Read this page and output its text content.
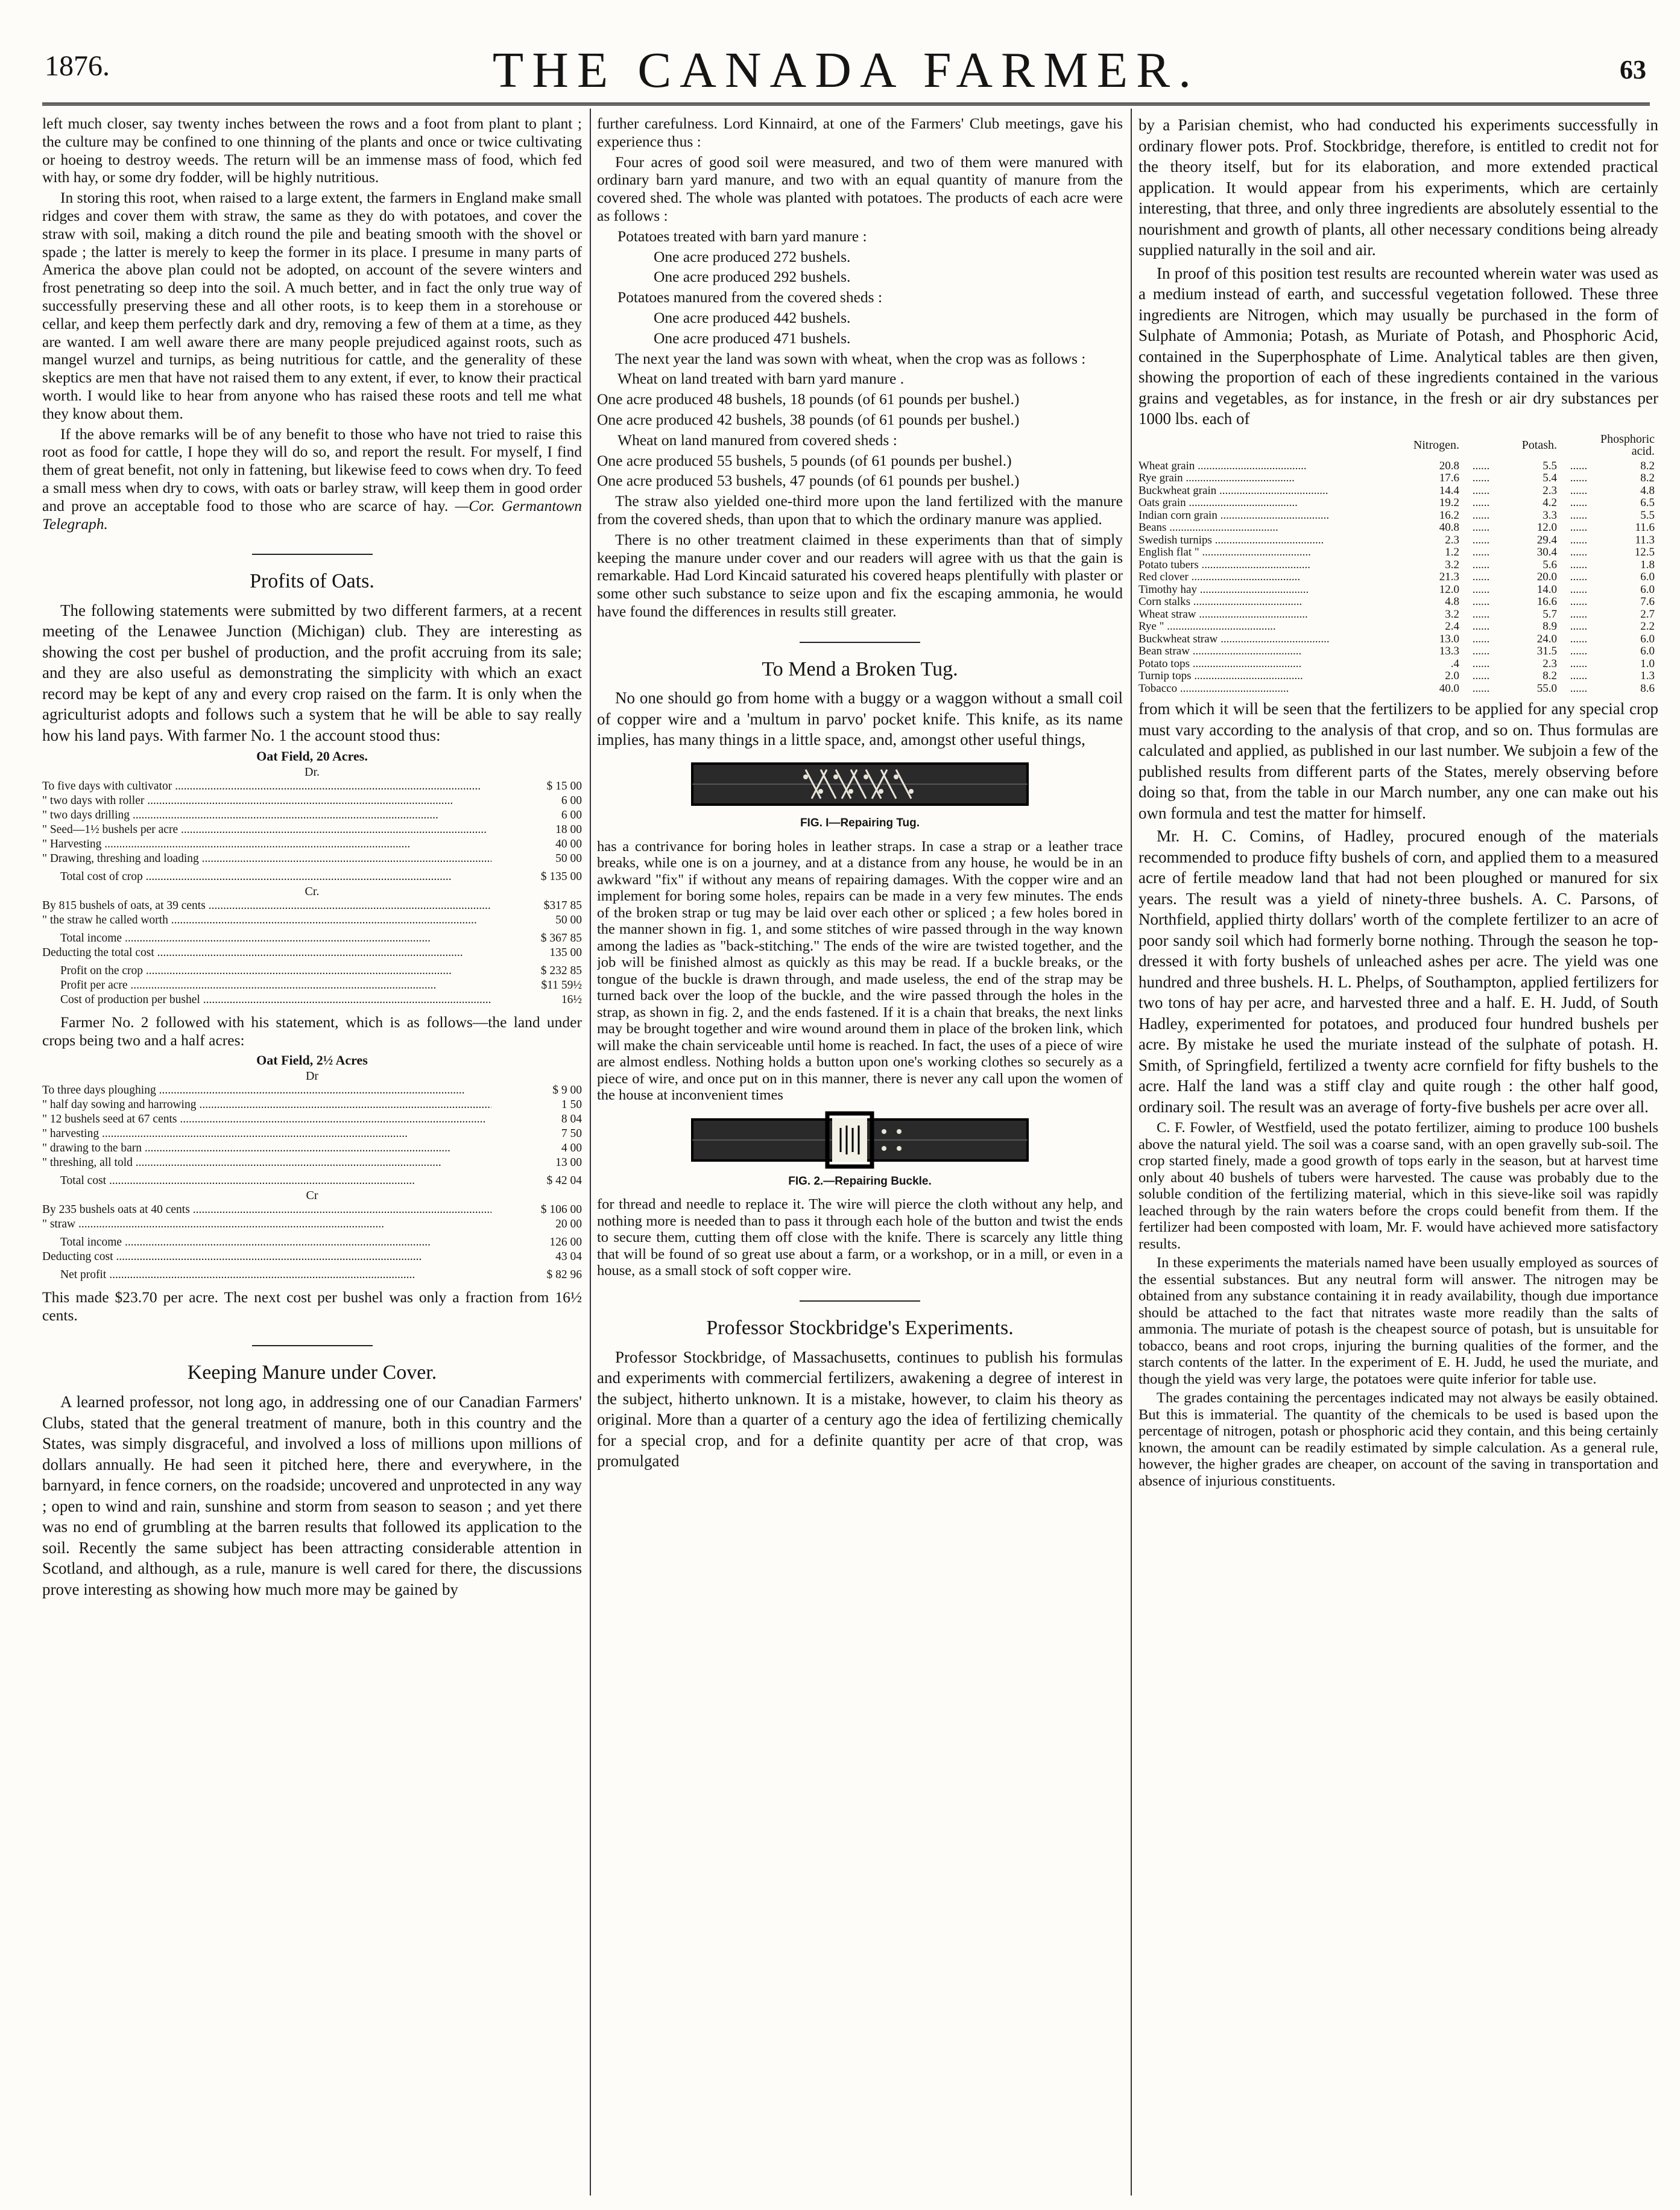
1876.	THE CANADA FARMER.	63

left much closer, say twenty inches between the rows and a foot from plant to plant ; the culture may be confined to one thinning of the plants and once or twice cultivating or hoeing to destroy weeds. The return will be an immense mass of food, which fed with hay, or some dry fodder, will be highly nutritious.

In storing this root, when raised to a large extent, the farmers in England make small ridges and cover them with straw, the same as they do with potatoes, and cover the straw with soil, making a ditch round the pile and beating smooth with the shovel or spade ; the latter is merely to keep the former in its place. I presume in many parts of America the above plan could not be adopted, on account of the severe winters and frost penetrating so deep into the soil. A much better, and in fact the only true way of successfully preserving these and all other roots, is to keep them in a storehouse or cellar, and keep them perfectly dark and dry, removing a few of them at a time, as they are wanted. I am well aware there are many people prejudiced against roots, such as mangel wurzel and turnips, as being nutritious for cattle, and the generality of these skeptics are men that have not raised them to any extent, if ever, to know their practical worth. I would like to hear from anyone who has raised these roots and tell me what they know about them.

If the above remarks will be of any benefit to those who have not tried to raise this root as food for cattle, I hope they will do so, and report the result. For myself, I find them of great benefit, not only in fattening, but likewise feed to cows when dry. To feed a small mess when dry to cows, with oats or barley straw, will keep them in good order and prove an acceptable food to those who are scarce of hay. —Cor. Germantown Telegraph.

Profits of Oats.

The following statements were submitted by two different farmers, at a recent meeting of the Lenawee Junction (Michigan) club. They are interesting as showing the cost per bushel of production, and the profit accruing from its sale; and they are also useful as demonstrating the simplicity with which an exact record may be kept of any and every crop raised on the farm. It is only when the agriculturist adopts and follows such a system that he will be able to say really how his land pays. With farmer No. 1 the account stood thus:

Oat Field, 20 Acres.
Dr.
To five days with cultivator .....	$ 15 00
" two days with roller .....	6 00
" two days drilling .....	6 00
" Seed—1½ bushels per acre .....	18 00
" Harvesting .....	40 00
" Drawing, threshing and loading .....	50 00
Total cost of crop .....	$ 135 00
Cr.
By 815 bushels of oats, at 39 cents .....	$317 85
" the straw he called worth .....	50 00
Total income .....	$ 367 85
Deducting the total cost .....	135 00
Profit on the crop .....	$ 232 85
Profit per acre .....	$11 59½
Cost of production per bushel .....	16½

Farmer No. 2 followed with his statement, which is as follows—the land under crops being two and a half acres:

Oat Field, 2½ Acres
Dr
To three days ploughing .....	$ 9 00
" half day sowing and harrowing .....	1 50
" 12 bushels seed at 67 cents .....	8 04
" harvesting .....	7 50
" drawing to the barn .....	4 00
" threshing, all told .....	13 00
Total cost .....	$ 42 04
Cr
By 235 bushels oats at 40 cents .....	$ 106 00
" straw .....	20 00
Total income .....	126 00
Deducting cost .....	43 04
Net profit .....	$ 82 96

This made $23.70 per acre. The next cost per bushel was only a fraction from 16½ cents.

Keeping Manure under Cover.

A learned professor, not long ago, in addressing one of our Canadian Farmers' Clubs, stated that the general treatment of manure, both in this country and the States, was simply disgraceful, and involved a loss of millions upon millions of dollars annually. He had seen it pitched here, there and everywhere, in the barnyard, in fence corners, on the roadside; uncovered and unprotected in any way ; open to wind and rain, sunshine and storm from season to season ; and yet there was no end of grumbling at the barren results that followed its application to the soil. Recently the same subject has been attracting considerable attention in Scotland, and although, as a rule, manure is well cared for there, the discussions prove interesting as showing how much more may be gained by

further carefulness. Lord Kinnaird, at one of the Farmers' Club meetings, gave his experience thus :

Four acres of good soil were measured, and two of them were manured with ordinary barn yard manure, and two with an equal quantity of manure from the covered shed. The whole was planted with potatoes. The products of each acre were as follows :

Potatoes treated with barn yard manure :

One acre produced 272 bushels.

One acre produced 292 bushels.

Potatoes manured from the covered sheds :

One acre produced 442 bushels.

One acre produced 471 bushels.

The next year the land was sown with wheat, when the crop was as follows :

Wheat on land treated with barn yard manure .

One acre produced 48 bushels, 18 pounds (of 61 pounds per bushel.)

One acre produced 42 bushels, 38 pounds (of 61 pounds per bushel.)

Wheat on land manured from covered sheds :

One acre produced 55 bushels, 5 pounds (of 61 pounds per bushel.)

One acre produced 53 bushels, 47 pounds (of 61 pounds per bushel.)

The straw also yielded one-third more upon the land fertilized with the manure from the covered sheds, than upon that to which the ordinary manure was applied.

There is no other treatment claimed in these experiments than that of simply keeping the manure under cover and our readers will agree with us that the gain is remarkable. Had Lord Kincaid saturated his covered heaps plentifully with plaster or some other such substance to seize upon and fix the escaping ammonia, he would have found the differences in results still greater.

To Mend a Broken Tug.

No one should go from home with a buggy or a waggon without a small coil of copper wire and a 'multum in parvo' pocket knife. This knife, as its name implies, has many things in a little space, and, amongst other useful things,

FIG. I—Repairing Tug.

has a contrivance for boring holes in leather straps. In case a strap or a leather trace breaks, while one is on a journey, and at a distance from any house, he would be in an awkward "fix" if without any means of repairing damages. With the copper wire and an implement for boring some holes, repairs can be made in a very few minutes. The ends of the broken strap or tug may be laid over each other or spliced ; a few holes bored in the manner shown in fig. 1, and some stitches of wire passed through in the way known among the ladies as "back-stitching." The ends of the wire are twisted together, and the job will be finished almost as quickly as this may be read. If a buckle breaks, or the tongue of the buckle is drawn through, and made useless, the end of the strap may be turned back over the loop of the buckle, and the wire passed through the holes in the strap, as shown in fig. 2, and the ends fastened. If it is a chain that breaks, the next links may be brought together and wire wound around them in place of the broken link, which will make the chain serviceable until home is reached. In fact, the uses of a piece of wire are almost endless. Nothing holds a button upon one's working clothes so securely as a piece of wire, and once put on in this manner, there is never any call upon the women of the house at inconvenient times

FIG. 2.—Repairing Buckle.

for thread and needle to replace it. The wire will pierce the cloth without any help, and nothing more is needed than to pass it through each hole of the button and twist the ends to secure them, cutting them off close with the knife. There is scarcely any little thing that will be found of so great use about a farm, or a workshop, or in a mill, or even in a house, as a small stock of soft copper wire.

Professor Stockbridge's Experiments.

Professor Stockbridge, of Massachusetts, continues to publish his formulas and experiments with commercial fertilizers, awakening a degree of interest in the subject, hitherto unknown. It is a mistake, however, to claim his theory as original. More than a quarter of a century ago the idea of fertilizing chemically for a special crop, and for a definite quantity per acre of that crop, was promulgated

by a Parisian chemist, who had conducted his experiments successfully in ordinary flower pots. Prof. Stockbridge, therefore, is entitled to credit not for the theory itself, but for its elaboration, and more extended practical application. It would appear from his experiments, which are certainly interesting, that three, and only three ingredients are absolutely essential to the nourishment and growth of plants, all other necessary conditions being already supplied naturally in the soil and air.

In proof of this position test results are recounted wherein water was used as a medium instead of earth, and successful vegetation followed. These three ingredients are Nitrogen, which may usually be purchased in the form of Sulphate of Ammonia; Potash, as Muriate of Potash, and Phosphoric Acid, contained in the Superphosphate of Lime. Analytical tables are then given, showing the proportion of each of these ingredients contained in the various grains and vegetables, as for instance, in the fresh or air dry substances per 1000 lbs. each of

	Nitrogen.		Potash.		Phosphoric acid.
Wheat grain .....	20.8	......	5.5	......	8.2
Rye grain .....	17.6	......	5.4	......	8.2
Buckwheat grain .....	14.4	......	2.3	......	4.8
Oats grain .....	19.2	......	4.2	......	6.5
Indian corn grain .....	16.2	......	3.3	......	5.5
Beans .....	40.8	......	12.0	......	11.6
Swedish turnips .....	2.3	......	29.4	......	11.3
English flat " .....	1.2	......	30.4	......	12.5
Potato tubers .....	3.2	......	5.6	......	1.8
Red clover .....	21.3	......	20.0	......	6.0
Timothy hay .....	12.0	......	14.0	......	6.0
Corn stalks .....	4.8	......	16.6	......	7.6
Wheat straw .....	3.2	......	5.7	......	2.7
Rye " .....	2.4	......	8.9	......	2.2
Buckwheat straw .....	13.0	......	24.0	......	6.0
Bean straw .....	13.3	......	31.5	......	6.0
Potato tops .....	.4	......	2.3	......	1.0
Turnip tops .....	2.0	......	8.2	......	1.3
Tobacco .....	40.0	......	55.0	......	8.6

from which it will be seen that the fertilizers to be applied for any special crop must vary according to the analysis of that crop, and so on. Thus formulas are calculated and applied, as published in our last number. We subjoin a few of the published results from different parts of the States, merely observing before doing so that, from the table in our March number, any one can make out his own formula and test the matter for himself.

Mr. H. C. Comins, of Hadley, procured enough of the materials recommended to produce fifty bushels of corn, and applied them to a measured acre of fertile meadow land that had not been ploughed or manured for six years. The result was a yield of ninety-three bushels. A. C. Parsons, of Northfield, applied thirty dollars' worth of the complete fertilizer to an acre of poor sandy soil which had formerly borne nothing. Through the season he top-dressed it with forty bushels of unleached ashes per acre. The yield was one hundred and three bushels. H. L. Phelps, of Southampton, applied fertilizers for two tons of hay per acre, and harvested three and a half. E. H. Judd, of South Hadley, experimented for potatoes, and produced four hundred bushels per acre. By mistake he used the muriate instead of the sulphate of potash. H. Smith, of Springfield, fertilized a twenty acre cornfield for fifty bushels to the acre. Half the land was a stiff clay and quite rough : the other half good, ordinary soil. The result was an average of forty-five bushels per acre over all.

C. F. Fowler, of Westfield, used the potato fertilizer, aiming to produce 100 bushels above the natural yield. The soil was a coarse sand, with an open gravelly sub-soil. The crop started finely, made a good growth of tops early in the season, but at harvest time only about 40 bushels of tubers were harvested. The cause was probably due to the soluble condition of the fertilizing material, which in this sieve-like soil was rapidly leached through by the rain waters before the crops could benefit from them. If the fertilizer had been composted with loam, Mr. F. would have achieved more satisfactory results.

In these experiments the materials named have been usually employed as sources of the essential substances. But any neutral form will answer. The nitrogen may be obtained from any substance containing it in ready availability, though due importance should be attached to the fact that nitrates waste more readily than the salts of ammonia. The muriate of potash is the cheapest source of potash, but is unsuitable for tobacco, beans and root crops, injuring the burning qualities of the former, and the starch contents of the latter. In the experiment of E. H. Judd, he used the muriate, and though the yield was very large, the potatoes were quite inferior for table use.

The grades containing the percentages indicated may not always be easily obtained. But this is immaterial. The quantity of the chemicals to be used is based upon the percentage of nitrogen, potash or phosphoric acid they contain, and this being certainly known, the amount can be readily estimated by simple calculation. As a general rule, however, the higher grades are cheaper, on account of the saving in transportation and absence of injurious constituents.
